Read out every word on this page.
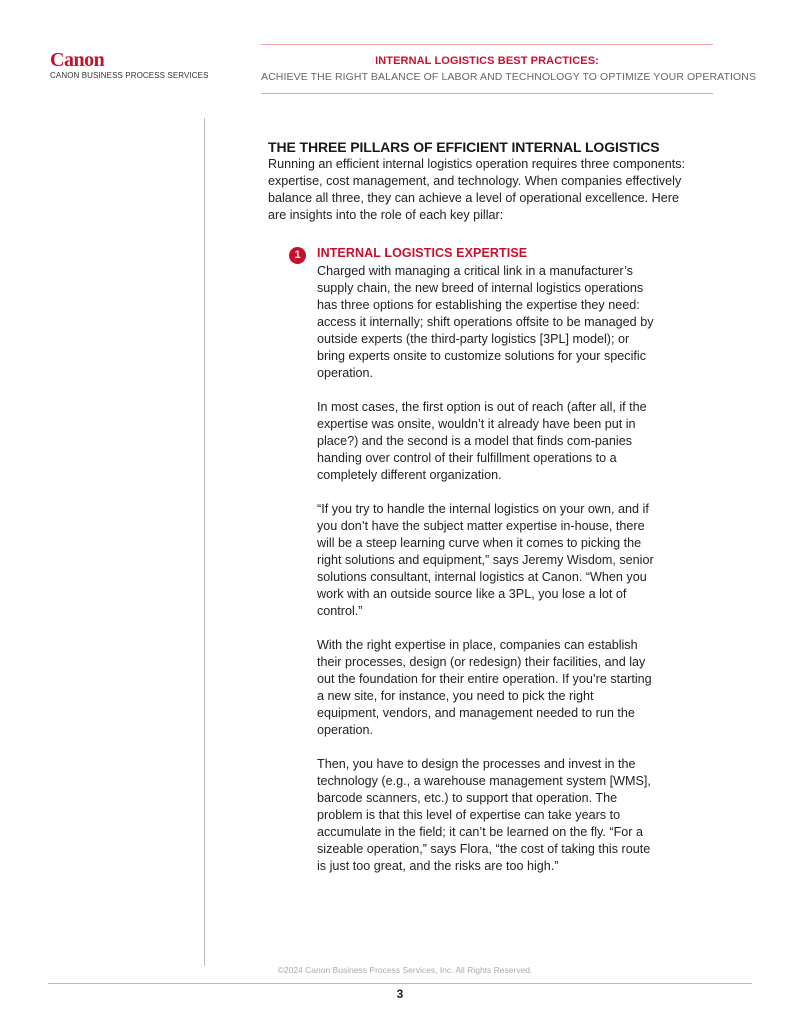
Canon
CANON BUSINESS PROCESS SERVICES
INTERNAL LOGISTICS BEST PRACTICES:
ACHIEVE THE RIGHT BALANCE OF LABOR AND TECHNOLOGY TO OPTIMIZE YOUR OPERATIONS
THE THREE PILLARS OF EFFICIENT INTERNAL LOGISTICS

Running an efficient internal logistics operation requires three components: expertise, cost management, and technology. When companies effectively balance all three, they can achieve a level of operational excellence. Here are insights into the role of each key pillar:

1	INTERNAL LOGISTICS EXPERTISE

Charged with managing a critical link in a manufacturer’s supply chain, the new breed of internal logistics operations has three options for establishing the expertise they need: access it internally; shift operations offsite to be managed by outside experts (the third-party logistics [3PL] model); or bring experts onsite to customize solutions for your specific operation.

In most cases, the first option is out of reach (after all, if the expertise was onsite, wouldn’t it already have been put in place?) and the second is a model that finds com-panies handing over control of their fulfillment operations to a completely different organization.

“If you try to handle the internal logistics on your own, and if you don’t have the subject matter expertise in-house, there will be a steep learning curve when it comes to picking the right solutions and equipment,” says Jeremy Wisdom, senior solutions consultant, internal logistics at Canon. “When you work with an outside source like a 3PL, you lose a lot of control.”

With the right expertise in place, companies can establish their processes, design (or redesign) their facilities, and lay out the foundation for their entire operation. If you’re starting a new site, for instance, you need to pick the right equipment, vendors, and management needed to run the operation.

Then, you have to design the processes and invest in the technology (e.g., a warehouse management system [WMS], barcode scanners, etc.) to support that operation. The problem is that this level of expertise can take years to accumulate in the field; it can’t be learned on the fly. “For a sizeable operation,” says Flora, “the cost of taking this route is just too great, and the risks are too high.”

©2024 Canon Business Process Services, Inc. All Rights Reserved.
3
